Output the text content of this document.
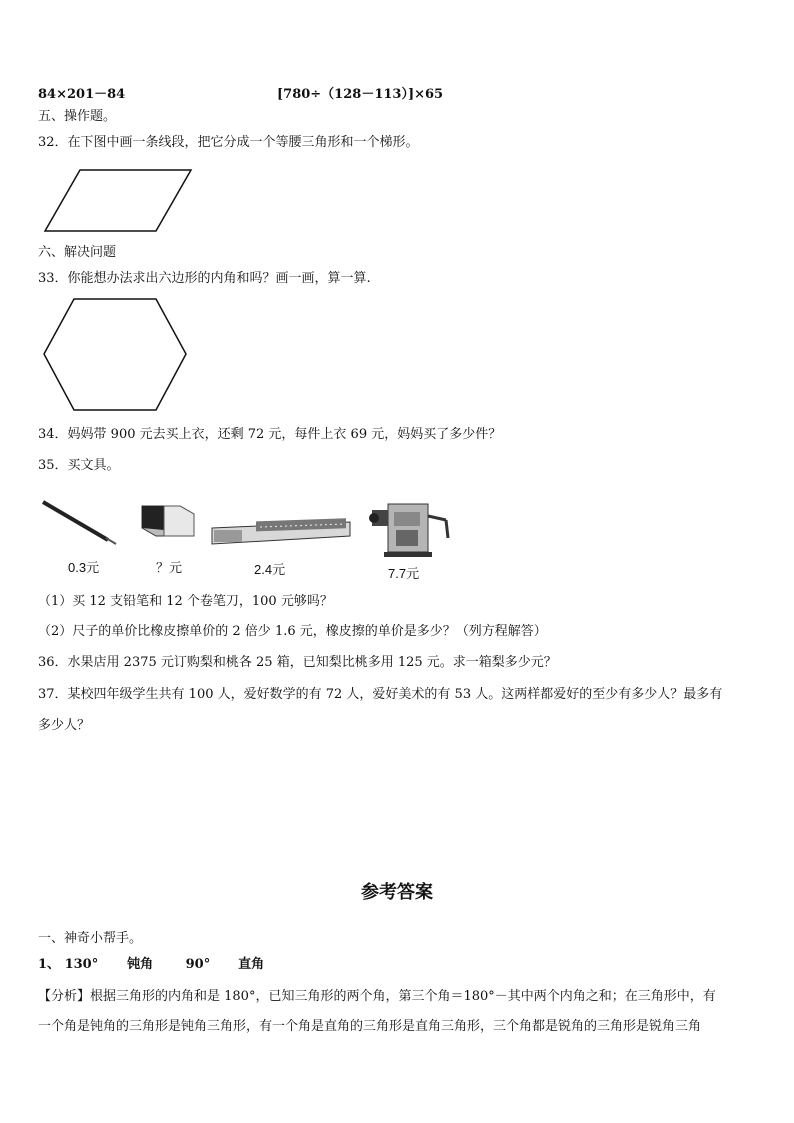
84×201－84	[780÷（128－113）]×65
五、操作题。
32．在下图中画一条线段，把它分成一个等腰三角形和一个梯形。
六、解决问题
33．你能想办法求出六边形的内角和吗？画一画，算一算.
34．妈妈带 900 元去买上衣，还剩 72 元，每件上衣 69 元，妈妈买了多少件？
35．买文具。
0.3元	？元	2.4元	7.7元
（1）买 12 支铅笔和 12 个卷笔刀，100 元够吗？
（2）尺子的单价比橡皮擦单价的 2 倍少 1.6 元，橡皮擦的单价是多少？（列方程解答）
36．水果店用 2375 元订购梨和桃各 25 箱，已知梨比桃多用 125 元。求一箱梨多少元？
37．某校四年级学生共有 100 人，爱好数学的有 72 人，爱好美术的有 53 人。这两样都爱好的至少有多少人？最多有
多少人？
参考答案
一、神奇小帮手。
1、 130° 钝角	90° 直角
【分析】根据三角形的内角和是 180°，已知三角形的两个角，第三个角＝180°－其中两个内角之和；在三角形中，有
一个角是钝角的三角形是钝角三角形，有一个角是直角的三角形是直角三角形，三个角都是锐角的三角形是锐角三角
